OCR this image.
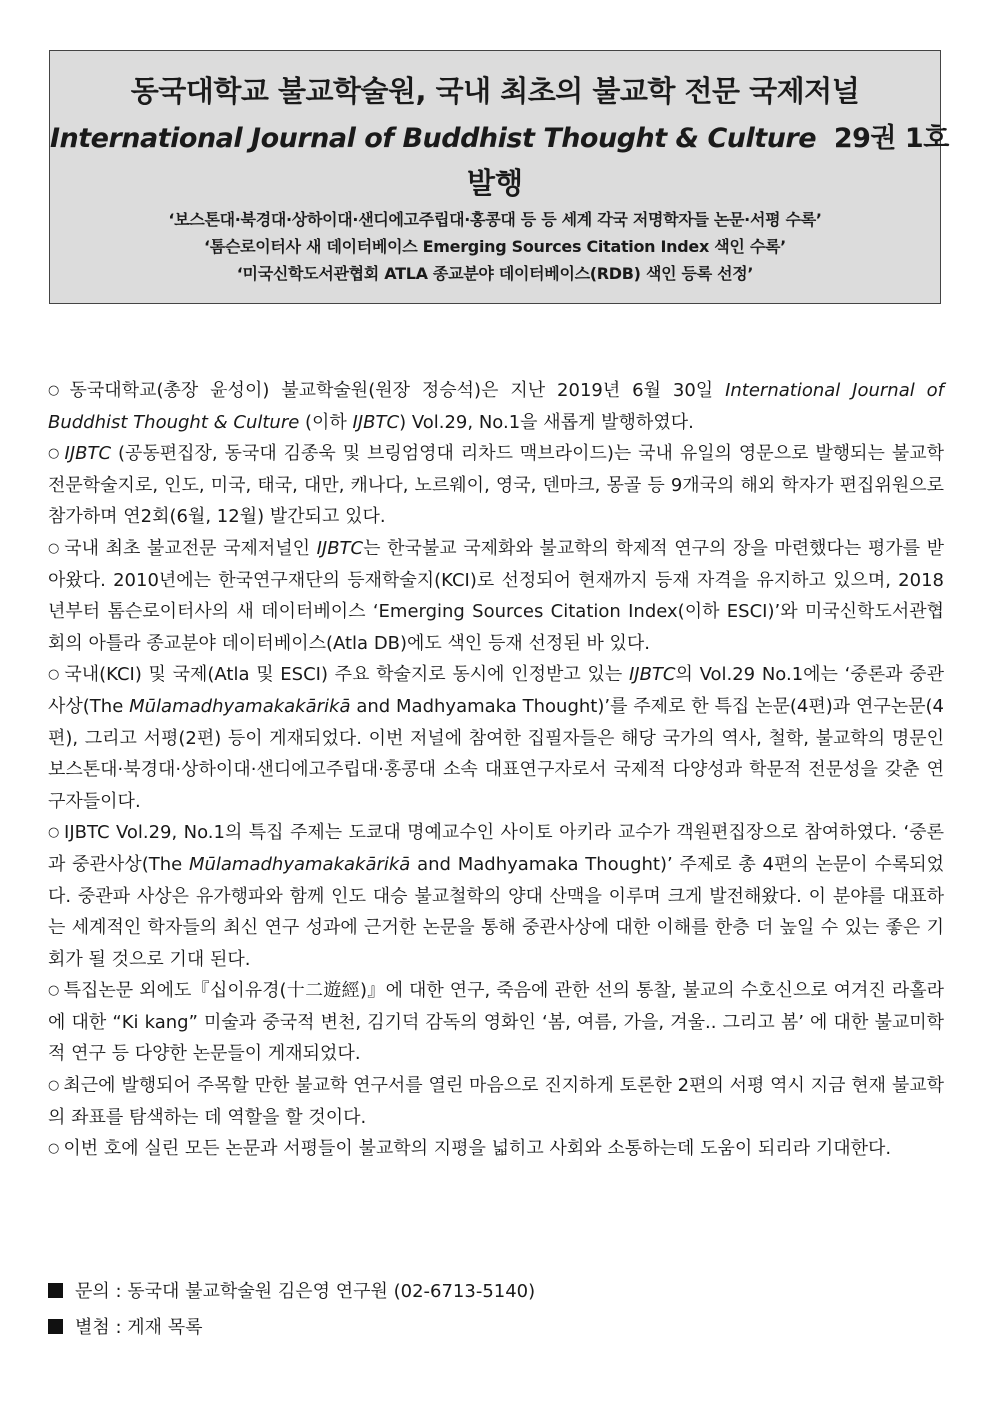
동국대학교 불교학술원, 국내 최초의 불교학 전문 국제저널
International Journal of Buddhist Thought & Culture 29권 1호
발행
‘보스톤대·북경대·상하이대·샌디에고주립대·홍콩대 등 등 세계 각국 저명학자들 논문·서평 수록’
‘톰슨로이터사 새 데이터베이스 Emerging Sources Citation Index 색인 수록’
‘미국신학도서관협회 ATLA 종교분야 데이터베이스(RDB) 색인 등록 선정’

○ 동국대학교(총장 윤성이) 불교학술원(원장 정승석)은 지난 2019년 6월 30일 International Journal of Buddhist Thought & Culture (이하 IJBTC) Vol.29, No.1을 새롭게 발행하였다.

○ IJBTC (공동편집장, 동국대 김종욱 및 브링엄영대 리차드 맥브라이드)는 국내 유일의 영문으로 발행되는 불교학 전문학술지로, 인도, 미국, 태국, 대만, 캐나다, 노르웨이, 영국, 덴마크, 몽골 등 9개국의 해외 학자가 편집위원으로 참가하며 연2회(6월, 12월) 발간되고 있다.

○ 국내 최초 불교전문 국제저널인 IJBTC는 한국불교 국제화와 불교학의 학제적 연구의 장을 마련했다는 평가를 받아왔다. 2010년에는 한국연구재단의 등재학술지(KCI)로 선정되어 현재까지 등재 자격을 유지하고 있으며, 2018년부터 톰슨로이터사의 새 데이터베이스 ‘Emerging Sources Citation Index(이하 ESCI)’와 미국신학도서관협회의 아틀라 종교분야 데이터베이스(Atla DB)에도 색인 등재 선정된 바 있다.

○ 국내(KCI) 및 국제(Atla 및 ESCI) 주요 학술지로 동시에 인정받고 있는 IJBTC의 Vol.29 No.1에는 ‘중론과 중관사상(The Mūlamadhyamakakārikā and Madhyamaka Thought)’를 주제로 한 특집 논문(4편)과 연구논문(4편), 그리고 서평(2편) 등이 게재되었다. 이번 저널에 참여한 집필자들은 해당 국가의 역사, 철학, 불교학의 명문인 보스톤대·북경대·상하이대·샌디에고주립대·홍콩대 소속 대표연구자로서 국제적 다양성과 학문적 전문성을 갖춘 연구자들이다.

○ IJBTC Vol.29, No.1의 특집 주제는 도쿄대 명예교수인 사이토 아키라 교수가 객원편집장으로 참여하였다. ‘중론과 중관사상(The Mūlamadhyamakakārikā and Madhyamaka Thought)’ 주제로 총 4편의 논문이 수록되었다. 중관파 사상은 유가행파와 함께 인도 대승 불교철학의 양대 산맥을 이루며 크게 발전해왔다. 이 분야를 대표하는 세계적인 학자들의 최신 연구 성과에 근거한 논문을 통해 중관사상에 대한 이해를 한층 더 높일 수 있는 좋은 기회가 될 것으로 기대 된다.

○ 특집논문 외에도『십이유경(十二遊經)』에 대한 연구, 죽음에 관한 선의 통찰, 불교의 수호신으로 여겨진 라홀라에 대한 “Ki kang” 미술과 중국적 변천, 김기덕 감독의 영화인 ‘봄, 여름, 가을, 겨울.. 그리고 봄’ 에 대한 불교미학적 연구 등 다양한 논문들이 게재되었다.

○ 최근에 발행되어 주목할 만한 불교학 연구서를 열린 마음으로 진지하게 토론한 2편의 서평 역시 지금 현재 불교학의 좌표를 탐색하는 데 역할을 할 것이다.

○ 이번 호에 실린 모든 논문과 서평들이 불교학의 지평을 넓히고 사회와 소통하는데 도움이 되리라 기대한다.

문의 : 동국대 불교학술원 김은영 연구원 (02-6713-5140)
별첨 : 게재 목록
